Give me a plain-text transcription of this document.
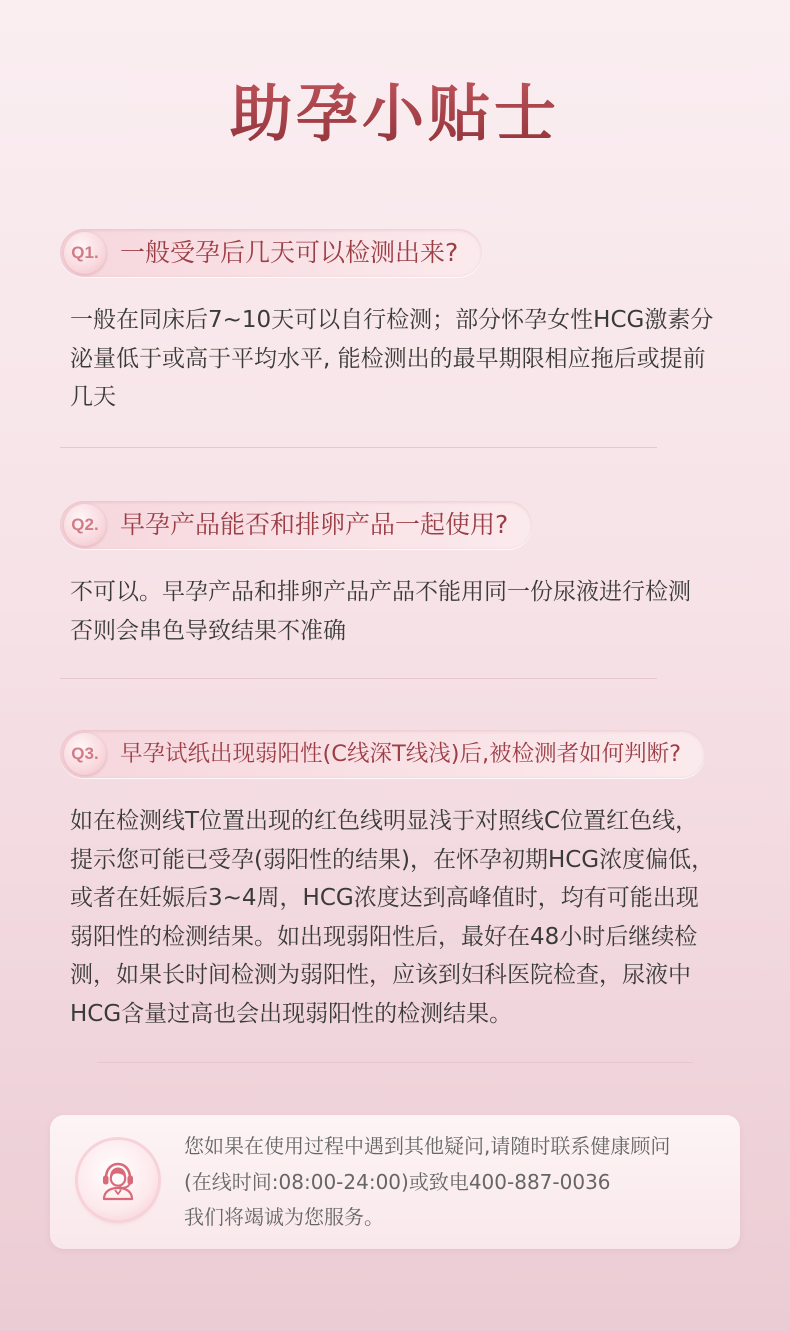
助孕小贴士
Q1. 一般受孕后几天可以检测出来?
一般在同床后7~10天可以自行检测；部分怀孕女性HCG激素分
泌量低于或高于平均水平, 能检测出的最早期限相应拖后或提前
几天
Q2. 早孕产品能否和排卵产品一起使用?
不可以。早孕产品和排卵产品产品不能用同一份尿液进行检测
否则会串色导致结果不准确
Q3. 早孕试纸出现弱阳性(C线深T线浅)后,被检测者如何判断?
如在检测线T位置出现的红色线明显浅于对照线C位置红色线，
提示您可能已受孕(弱阳性的结果)，在怀孕初期HCG浓度偏低，
或者在妊娠后3~4周，HCG浓度达到高峰值时，均有可能出现
弱阳性的检测结果。如出现弱阳性后，最好在48小时后继续检
测，如果长时间检测为弱阳性，应该到妇科医院检查，尿液中
HCG含量过高也会出现弱阳性的检测结果。
您如果在使用过程中遇到其他疑问,请随时联系健康顾问
(在线时间:08:00-24:00)或致电400-887-0036
我们将竭诚为您服务。
